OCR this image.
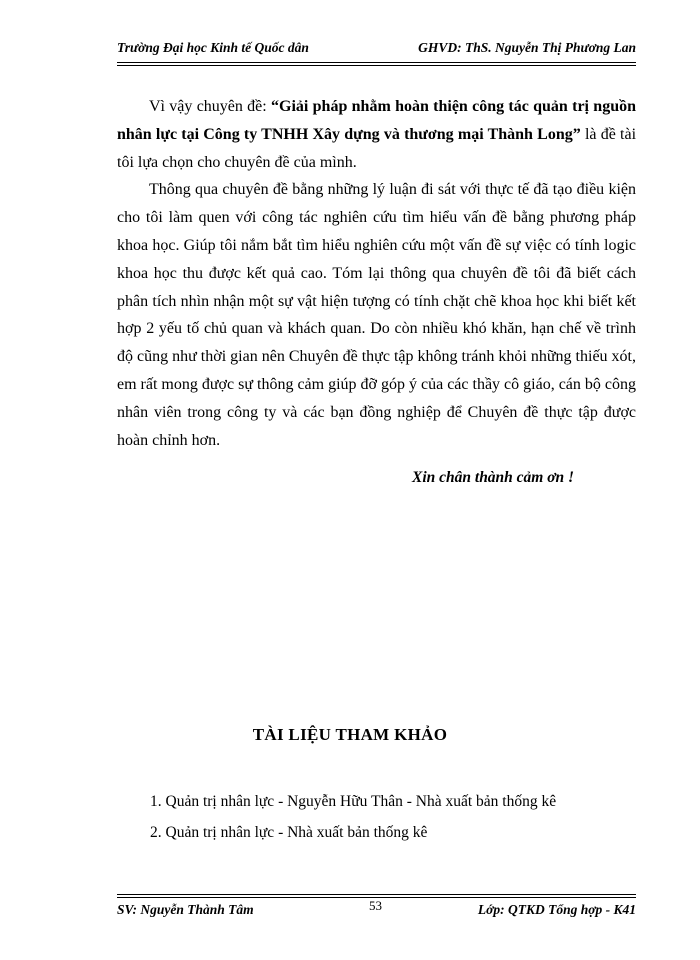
Trường Đại học Kinh tế Quốc dân	GHVD: ThS. Nguyễn Thị Phương Lan

Vì vậy chuyên đề: “Giải pháp nhằm hoàn thiện công tác quản trị nguồn nhân lực tại Công ty TNHH Xây dựng và thương mại Thành Long” là đề tài tôi lựa chọn cho chuyên đề của mình.

Thông qua chuyên đề bằng những lý luận đi sát với thực tế đã tạo điều kiện cho tôi làm quen với công tác nghiên cứu tìm hiểu vấn đề bằng phương pháp khoa học. Giúp tôi nắm bắt tìm hiểu nghiên cứu một vấn đề sự việc có tính logic khoa học thu được kết quả cao. Tóm lại thông qua chuyên đề tôi đã biết cách phân tích nhìn nhận một sự vật hiện tượng có tính chặt chẽ khoa học khi biết kết hợp 2 yếu tố chủ quan và khách quan. Do còn nhiều khó khăn, hạn chế về trình độ cũng như thời gian nên Chuyên đề thực tập không tránh khỏi những thiếu xót, em rất mong được sự thông cảm giúp đỡ góp ý của các thầy cô giáo, cán bộ công nhân viên trong công ty và các bạn đồng nghiệp để Chuyên đề thực tập được hoàn chỉnh hơn.

Xin chân thành cảm ơn !
TÀI LIỆU THAM KHẢO
1. Quản trị nhân lực - Nguyễn Hữu Thân - Nhà xuất bản thống kê
2. Quản trị nhân lực - Nhà xuất bản thống kê
SV: Nguyễn Thành Tâm	53	Lớp: QTKD Tổng hợp - K41
